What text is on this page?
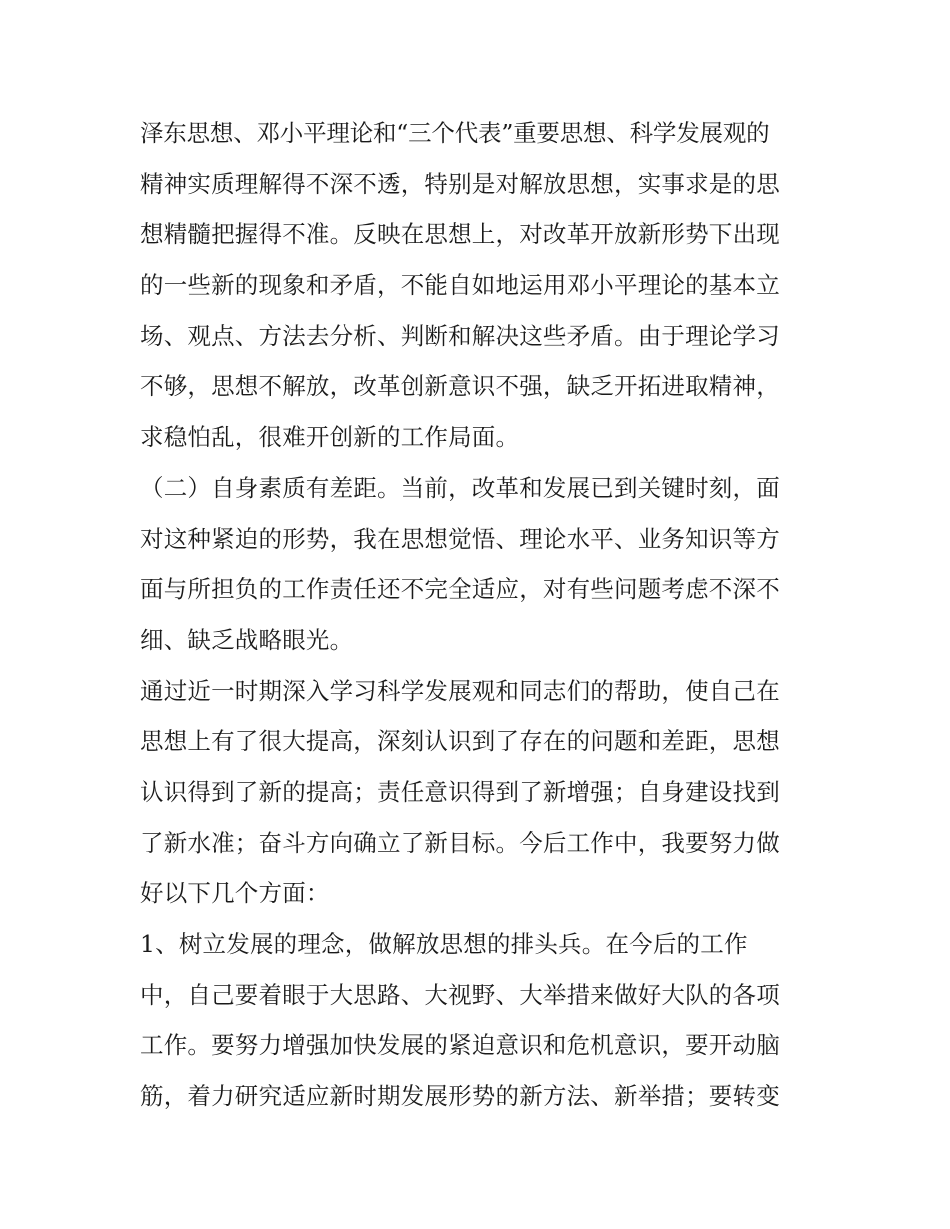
泽东思想、邓小平理论和“三个代表”重要思想、科学发展观的
精神实质理解得不深不透，特别是对解放思想，实事求是的思
想精髓把握得不准。反映在思想上，对改革开放新形势下出现
的一些新的现象和矛盾，不能自如地运用邓小平理论的基本立
场、观点、方法去分析、判断和解决这些矛盾。由于理论学习
不够，思想不解放，改革创新意识不强，缺乏开拓进取精神，
求稳怕乱，很难开创新的工作局面。
（二）自身素质有差距。当前，改革和发展已到关键时刻，面
对这种紧迫的形势，我在思想觉悟、理论水平、业务知识等方
面与所担负的工作责任还不完全适应，对有些问题考虑不深不
细、缺乏战略眼光。
通过近一时期深入学习科学发展观和同志们的帮助，使自己在
思想上有了很大提高，深刻认识到了存在的问题和差距，思想
认识得到了新的提高；责任意识得到了新增强；自身建设找到
了新水准；奋斗方向确立了新目标。今后工作中，我要努力做
好以下几个方面：
1、树立发展的理念，做解放思想的排头兵。在今后的工作
中，自己要着眼于大思路、大视野、大举措来做好大队的各项
工作。要努力增强加快发展的紧迫意识和危机意识，要开动脑
筋，着力研究适应新时期发展形势的新方法、新举措；要转变
